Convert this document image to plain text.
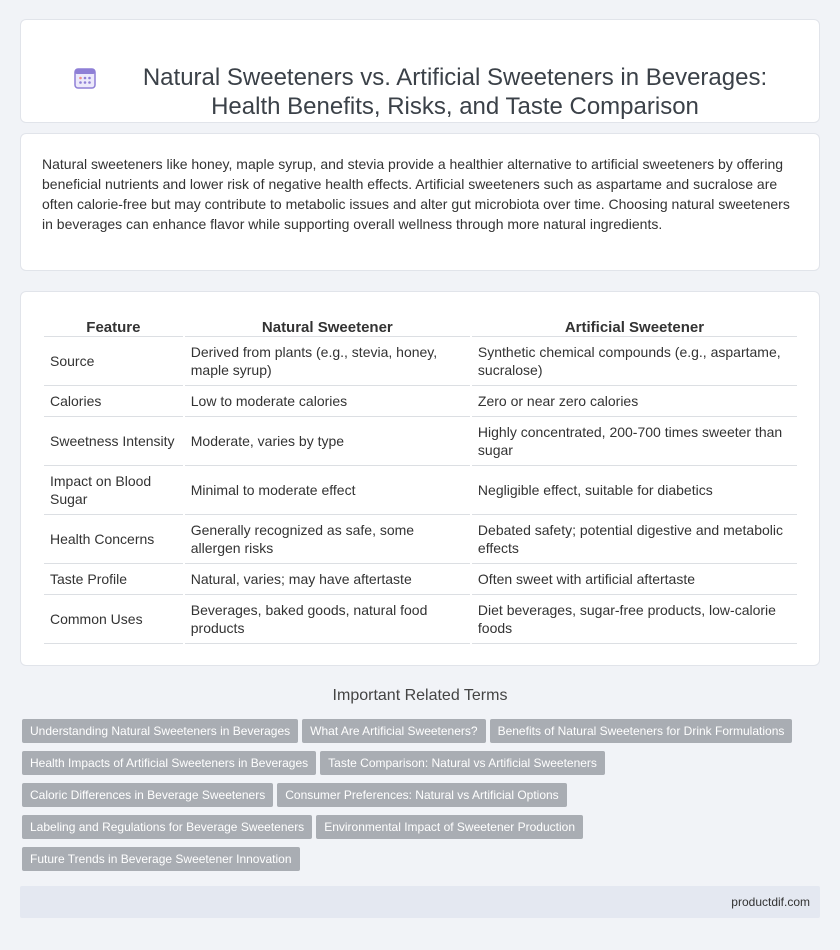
Natural Sweeteners vs. Artificial Sweeteners in Beverages: Health Benefits, Risks, and Taste Comparison

Natural sweeteners like honey, maple syrup, and stevia provide a healthier alternative to artificial sweeteners by offering beneficial nutrients and lower risk of negative health effects. Artificial sweeteners such as aspartame and sucralose are often calorie-free but may contribute to metabolic issues and alter gut microbiota over time. Choosing natural sweeteners in beverages can enhance flavor while supporting overall wellness through more natural ingredients.

Feature	Natural Sweetener	Artificial Sweetener
Source	Derived from plants (e.g., stevia, honey, maple syrup)	Synthetic chemical compounds (e.g., aspartame, sucralose)
Calories	Low to moderate calories	Zero or near zero calories
Sweetness Intensity	Moderate, varies by type	Highly concentrated, 200-700 times sweeter than sugar
Impact on Blood Sugar	Minimal to moderate effect	Negligible effect, suitable for diabetics
Health Concerns	Generally recognized as safe, some allergen risks	Debated safety; potential digestive and metabolic effects
Taste Profile	Natural, varies; may have aftertaste	Often sweet with artificial aftertaste
Common Uses	Beverages, baked goods, natural food products	Diet beverages, sugar-free products, low-calorie foods
Important Related Terms
Understanding Natural Sweeteners in Beverages What Are Artificial Sweeteners? Benefits of Natural Sweeteners for Drink Formulations
Health Impacts of Artificial Sweeteners in Beverages Taste Comparison: Natural vs Artificial Sweeteners
Caloric Differences in Beverage Sweeteners Consumer Preferences: Natural vs Artificial Options
Labeling and Regulations for Beverage Sweeteners Environmental Impact of Sweetener Production
Future Trends in Beverage Sweetener Innovation
productdif.com
